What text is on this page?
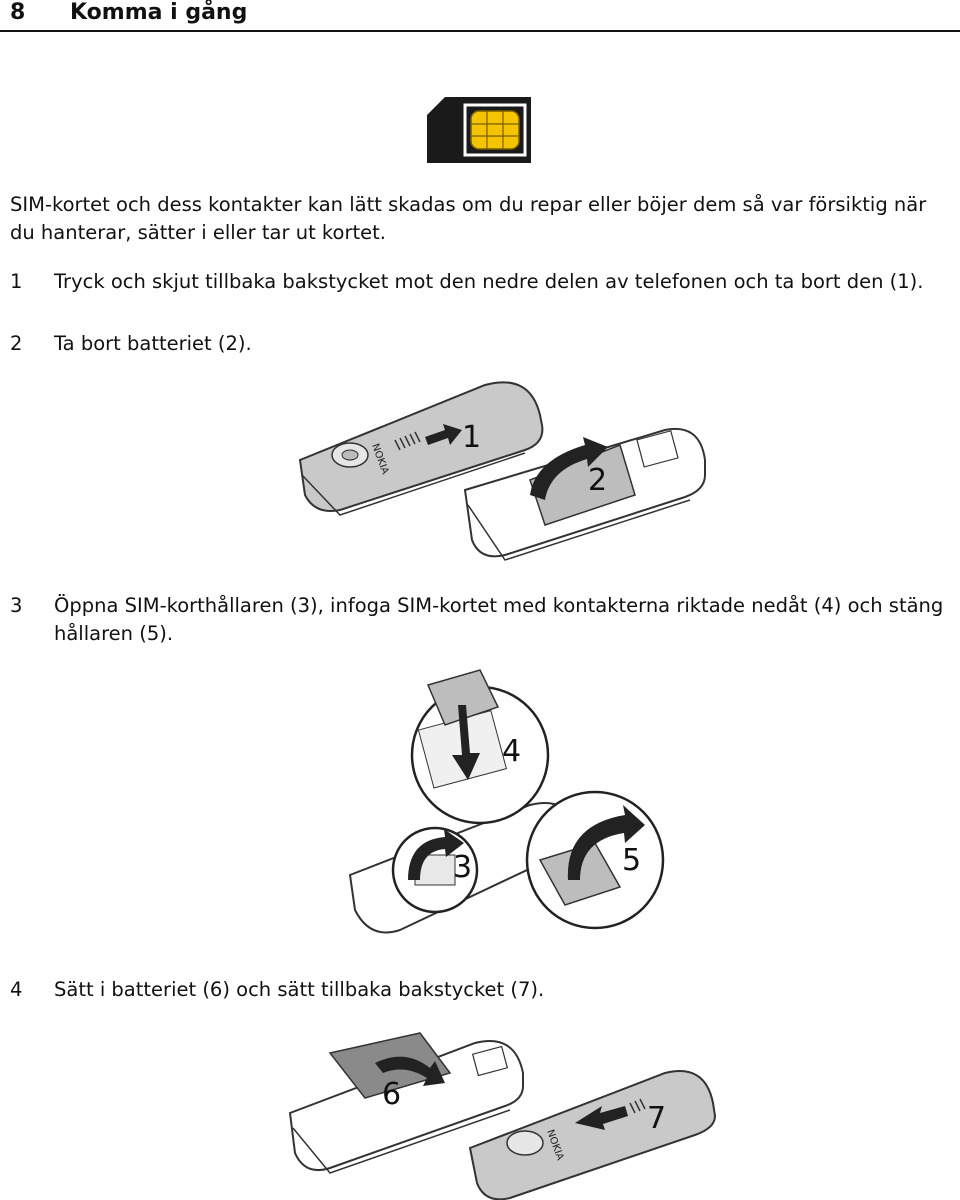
8 Komma i gång
SIM-kortet och dess kontakter kan lätt skadas om du repar eller böjer dem så var försiktig när du hanterar, sätter i eller tar ut kortet.
1 Tryck och skjut tillbaka bakstycket mot den nedre delen av telefonen och ta bort den (1).
2 Ta bort batteriet (2).
NOKIA
1
2
3 Öppna SIM-korthållaren (3), infoga SIM-kortet med kontakterna riktade nedåt (4) och stäng hållaren (5).
4
3	5
4 Sätt i batteriet (6) och sätt tillbaka bakstycket (7).
NOKIA
6
7
